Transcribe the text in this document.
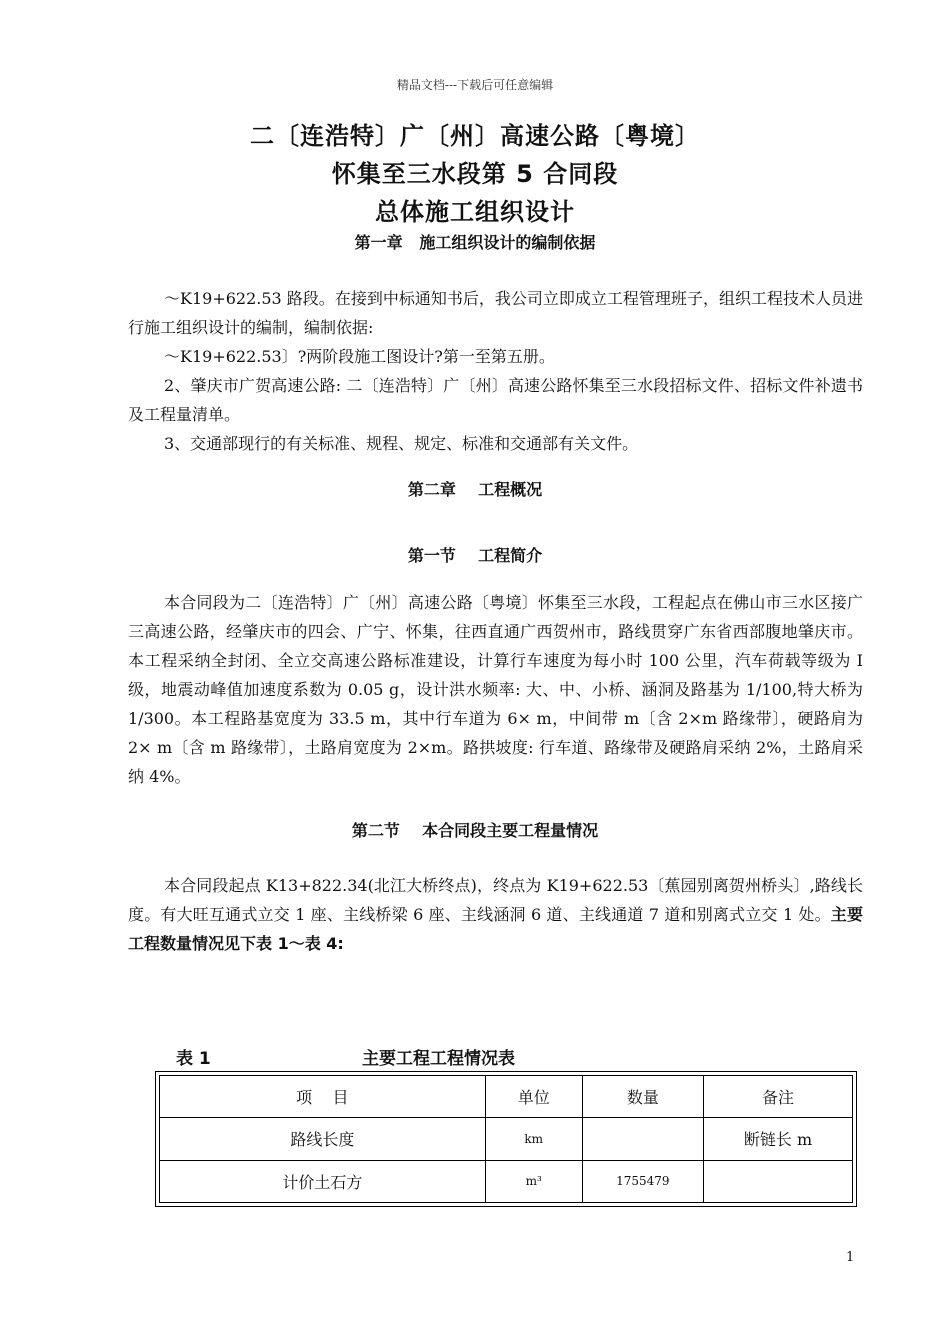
精品文档---下载后可任意编辑
二〔连浩特〕广〔州〕高速公路〔粤境〕
怀集至三水段第 5 合同段
总体施工组织设计
第一章   施工组织设计的编制依据
～K19+622.53 路段。在接到中标通知书后，我公司立即成立工程管理班子，组织工程技术人员进行施工组织设计的编制，编制依据:
～K19+622.53〕?两阶段施工图设计?第一至第五册。
2、肇庆市广贺高速公路: 二〔连浩特〕广〔州〕高速公路怀集至三水段招标文件、招标文件补遗书及工程量清单。
3、交通部现行的有关标准、规程、规定、标准和交通部有关文件。
第二章    工程概况
第一节    工程简介
本合同段为二〔连浩特〕广〔州〕高速公路〔粤境〕怀集至三水段，工程起点在佛山市三水区接广三高速公路，经肇庆市的四会、广宁、怀集，往西直通广西贺州市，路线贯穿广东省西部腹地肇庆市。本工程采纳全封闭、全立交高速公路标准建设，计算行车速度为每小时 100 公里，汽车荷载等级为 I 级，地震动峰值加速度系数为 0.05 g，设计洪水频率: 大、中、小桥、涵洞及路基为 1/100,特大桥为 1/300。本工程路基宽度为 33.5 m，其中行车道为 6× m，中间带 m〔含 2×m 路缘带〕，硬路肩为 2× m〔含 m 路缘带〕，土路肩宽度为 2×m。路拱坡度: 行车道、路缘带及硬路肩采纳 2%，土路肩采纳 4%。
第二节    本合同段主要工程量情况
本合同段起点 K13+822.34(北江大桥终点)，终点为 K19+622.53〔蕉园别离贺州桥头〕,路线长度。有大旺互通式立交 1 座、主线桥梁 6 座、主线涵洞 6 道、主线通道 7 道和别离式立交 1 处。主要工程数量情况见下表 1～表 4:
表 1	主要工程工程情况表
项    目	单位	数量	备注
路线长度	km		断链长 m
计价土石方	m³	1755479	
1
